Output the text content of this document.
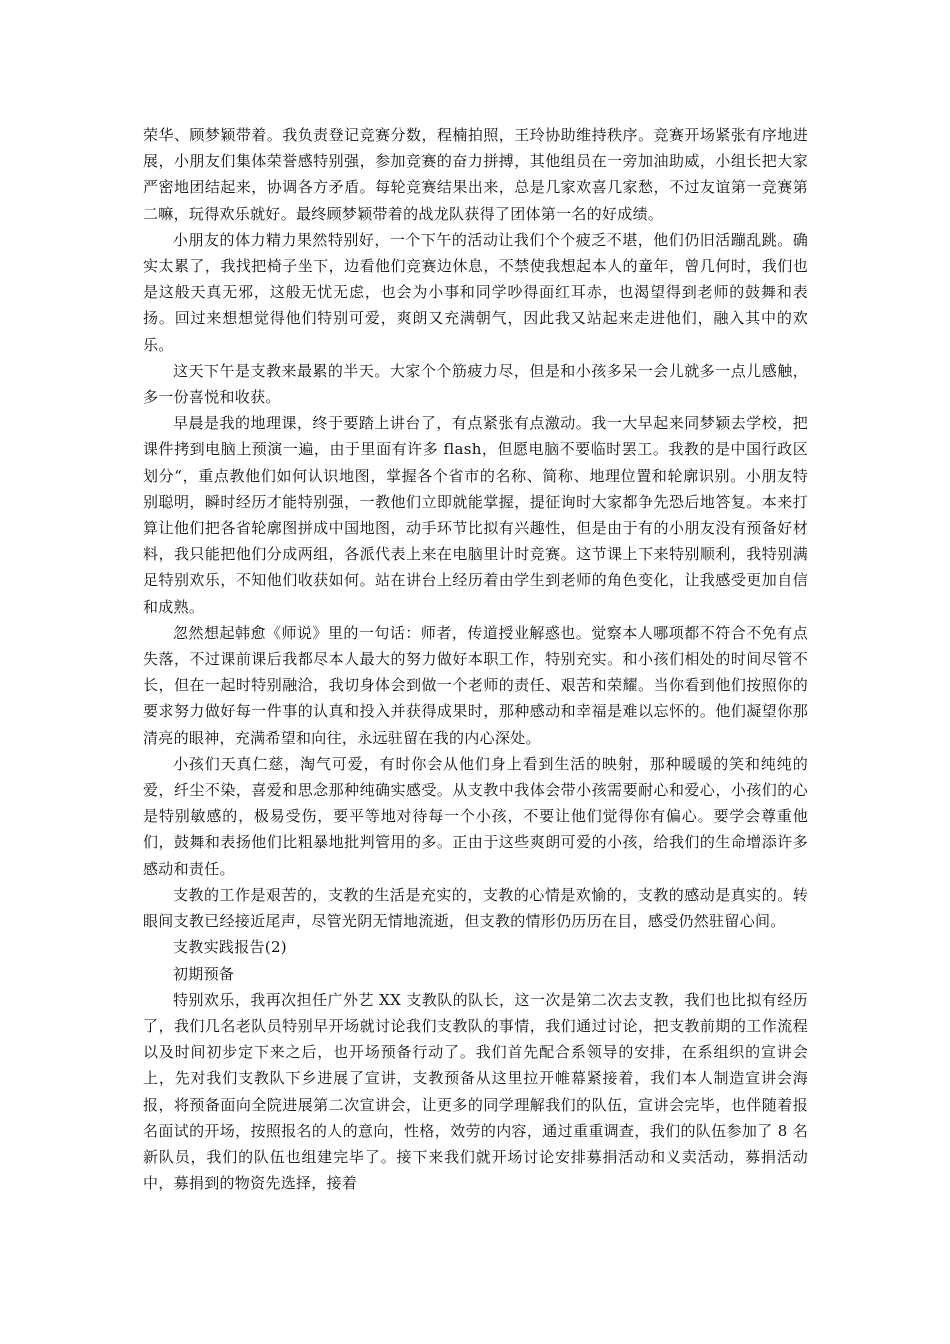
荣华、顾梦颖带着。我负责登记竞赛分数，程楠拍照，王玲协助维持秩序。竞赛开场紧张有序地进展，小朋友们集体荣誉感特别强，参加竞赛的奋力拼搏，其他组员在一旁加油助威，小组长把大家严密地团结起来，协调各方矛盾。每轮竞赛结果出来，总是几家欢喜几家愁，不过友谊第一竞赛第二嘛，玩得欢乐就好。最终顾梦颖带着的战龙队获得了团体第一名的好成绩。

小朋友的体力精力果然特别好，一个下午的活动让我们个个疲乏不堪，他们仍旧活蹦乱跳。确实太累了，我找把椅子坐下，边看他们竞赛边休息，不禁使我想起本人的童年，曾几何时，我们也是这般天真无邪，这般无忧无虑，也会为小事和同学吵得面红耳赤，也渴望得到老师的鼓舞和表扬。回过来想想觉得他们特别可爱，爽朗又充满朝气，因此我又站起来走进他们，融入其中的欢乐。

这天下午是支教来最累的半天。大家个个筋疲力尽，但是和小孩多呆一会儿就多一点儿感触，多一份喜悦和收获。

早晨是我的地理课，终于要踏上讲台了，有点紧张有点激动。我一大早起来同梦颖去学校，把课件拷到电脑上预演一遍，由于里面有许多 flash，但愿电脑不要临时罢工。我教的是中国行政区划分“，重点教他们如何认识地图，掌握各个省市的名称、简称、地理位置和轮廓识别。小朋友特别聪明，瞬时经历才能特别强，一教他们立即就能掌握，提征询时大家都争先恐后地答复。本来打算让他们把各省轮廓图拼成中国地图，动手环节比拟有兴趣性，但是由于有的小朋友没有预备好材料，我只能把他们分成两组，各派代表上来在电脑里计时竞赛。这节课上下来特别顺利，我特别满足特别欢乐，不知他们收获如何。站在讲台上经历着由学生到老师的角色变化，让我感受更加自信和成熟。

忽然想起韩愈《师说》里的一句话：师者，传道授业解惑也。觉察本人哪项都不符合不免有点失落，不过课前课后我都尽本人最大的努力做好本职工作，特别充实。和小孩们相处的时间尽管不长，但在一起时特别融洽，我切身体会到做一个老师的责任、艰苦和荣耀。当你看到他们按照你的要求努力做好每一件事的认真和投入并获得成果时，那种感动和幸福是难以忘怀的。他们凝望你那清亮的眼神，充满希望和向往，永远驻留在我的内心深处。

小孩们天真仁慈，淘气可爱，有时你会从他们身上看到生活的映射，那种暖暖的笑和纯纯的爱，纤尘不染，喜爱和思念那种纯确实感受。从支教中我体会带小孩需要耐心和爱心，小孩们的心是特别敏感的，极易受伤，要平等地对待每一个小孩，不要让他们觉得你有偏心。要学会尊重他们，鼓舞和表扬他们比粗暴地批判管用的多。正由于这些爽朗可爱的小孩，给我们的生命增添许多感动和责任。

支教的工作是艰苦的，支教的生活是充实的，支教的心情是欢愉的，支教的感动是真实的。转眼间支教已经接近尾声，尽管光阴无情地流逝，但支教的情形仍历历在目，感受仍然驻留心间。

支教实践报告(2)

初期预备

特别欢乐，我再次担任广外艺 XX 支教队的队长，这一次是第二次去支教，我们也比拟有经历了，我们几名老队员特别早开场就讨论我们支教队的事情，我们通过讨论，把支教前期的工作流程以及时间初步定下来之后，也开场预备行动了。我们首先配合系领导的安排，在系组织的宣讲会上，先对我们支教队下乡进展了宣讲，支教预备从这里拉开帷幕紧接着，我们本人制造宣讲会海报，将预备面向全院进展第二次宣讲会，让更多的同学理解我们的队伍，宣讲会完毕，也伴随着报名面试的开场，按照报名的人的意向，性格，效劳的内容，通过重重调查，我们的队伍参加了 8 名新队员，我们的队伍也组建完毕了。接下来我们就开场讨论安排募捐活动和义卖活动，募捐活动中，募捐到的物资先选择，接着
